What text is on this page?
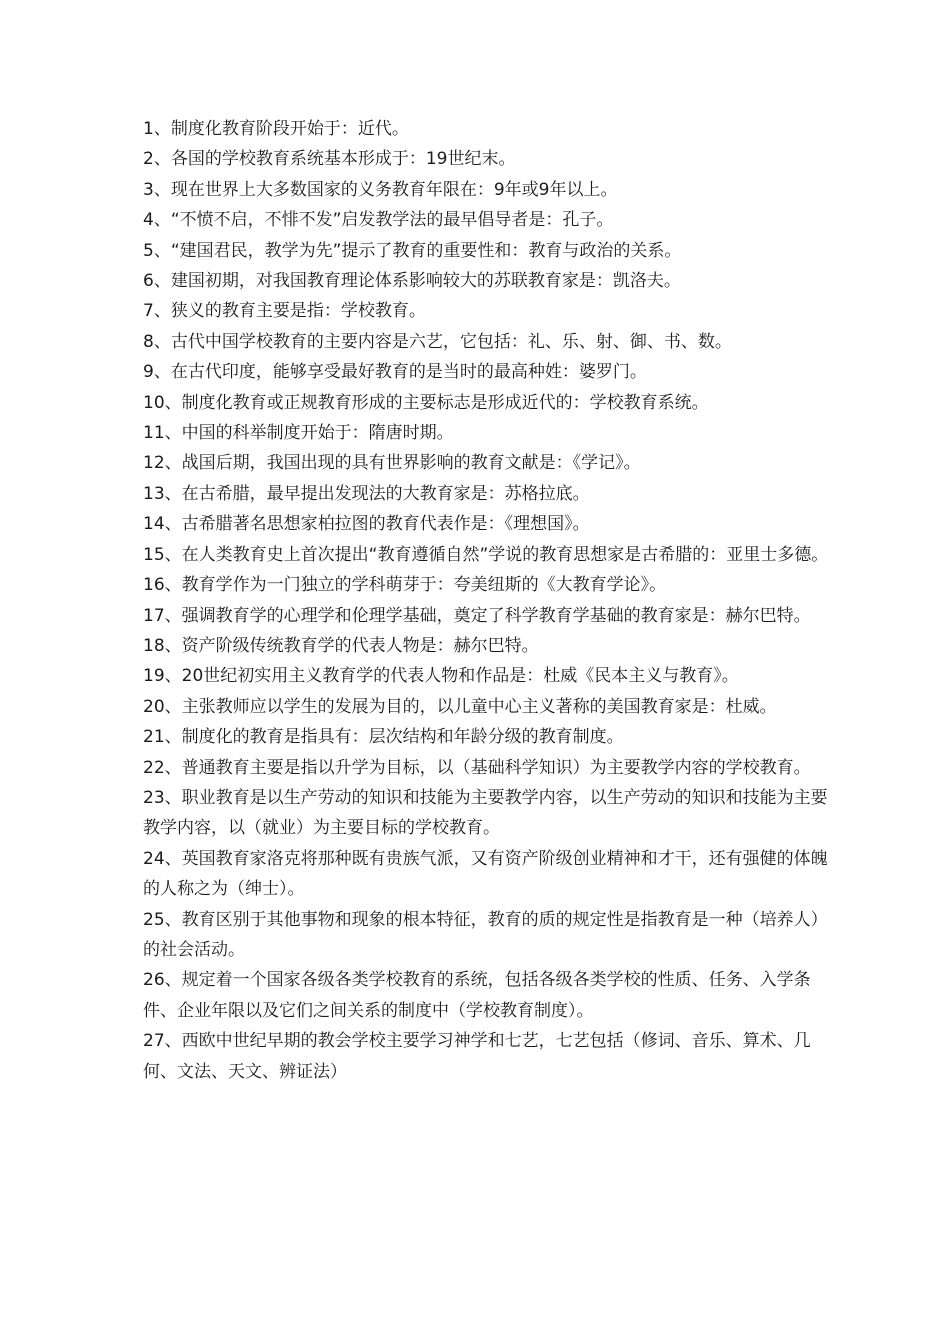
1、制度化教育阶段开始于：近代。

2、各国的学校教育系统基本形成于：19世纪末。

3、现在世界上大多数国家的义务教育年限在：9年或9年以上。

4、“不愤不启，不悱不发”启发教学法的最早倡导者是：孔子。

5、“建国君民，教学为先”提示了教育的重要性和：教育与政治的关系。

6、建国初期，对我国教育理论体系影响较大的苏联教育家是：凯洛夫。

7、狭义的教育主要是指：学校教育。

8、古代中国学校教育的主要内容是六艺，它包括：礼、乐、射、御、书、数。

9、在古代印度，能够享受最好教育的是当时的最高种姓：婆罗门。

10、制度化教育或正规教育形成的主要标志是形成近代的：学校教育系统。

11、中国的科举制度开始于：隋唐时期。

12、战国后期，我国出现的具有世界影响的教育文献是：《学记》。

13、在古希腊，最早提出发现法的大教育家是：苏格拉底。

14、古希腊著名思想家柏拉图的教育代表作是：《理想国》。

15、在人类教育史上首次提出“教育遵循自然”学说的教育思想家是古希腊的：亚里士多德。

16、教育学作为一门独立的学科萌芽于：夸美纽斯的《大教育学论》。

17、强调教育学的心理学和伦理学基础，奠定了科学教育学基础的教育家是：赫尔巴特。

18、资产阶级传统教育学的代表人物是：赫尔巴特。

19、20世纪初实用主义教育学的代表人物和作品是：杜威《民本主义与教育》。

20、主张教师应以学生的发展为目的，以儿童中心主义著称的美国教育家是：杜威。

21、制度化的教育是指具有：层次结构和年龄分级的教育制度。

22、普通教育主要是指以升学为目标，以（基础科学知识）为主要教学内容的学校教育。

23、职业教育是以生产劳动的知识和技能为主要教学内容，以生产劳动的知识和技能为主要教学内容，以（就业）为主要目标的学校教育。

24、英国教育家洛克将那种既有贵族气派，又有资产阶级创业精神和才干，还有强健的体魄的人称之为（绅士）。

25、教育区别于其他事物和现象的根本特征，教育的质的规定性是指教育是一种（培养人）的社会活动。

26、规定着一个国家各级各类学校教育的系统，包括各级各类学校的性质、任务、入学条件、企业年限以及它们之间关系的制度中（学校教育制度）。

27、西欧中世纪早期的教会学校主要学习神学和七艺，七艺包括（修词、音乐、算术、几何、文法、天文、辨证法）
